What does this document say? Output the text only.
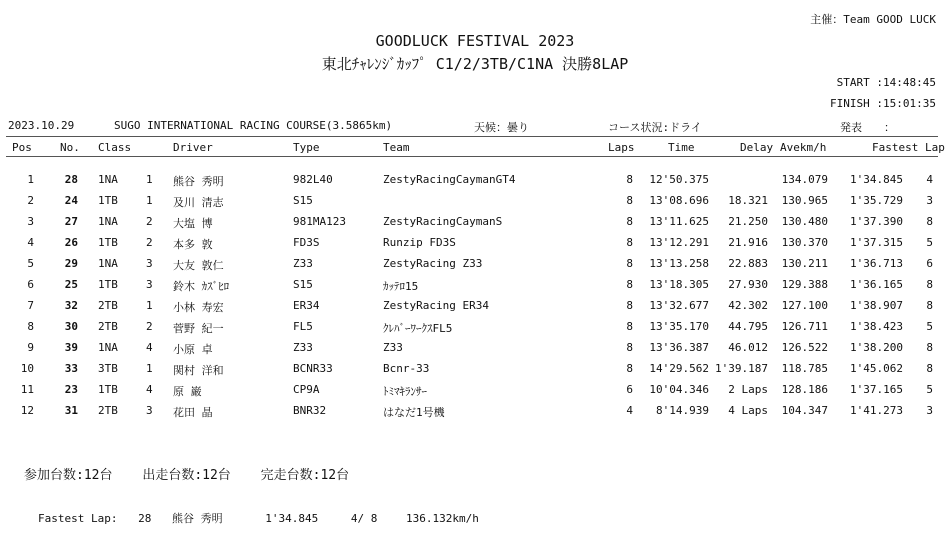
主催：Team GOOD LUCK
GOODLUCK FESTIVAL 2023
東北ﾁｬﾚﾝｼﾞｶｯﾌﾟ C1/2/3TB/C1NA 決勝8LAP
START :14:48:45
FINISH :15:01:35
2023.10.29	SUGO INTERNATIONAL RACING COURSE(3.5865km)	天候：曇り	コース状況:ドライ	発表　　：
Pos	No. Class	Driver	Type	Team	Laps	Time	Delay Avekm/h	Fastest Lap
1	28 1NA	1	熊谷 秀明	982L40	ZestyRacingCaymanGT4	8	12'50.375	134.079	1'34.845	4
2	24 1TB	1	及川 清志	S15	8	13'08.696	18.321	130.965	1'35.729	3
3	27 1NA	2	大塩 博	981MA123	ZestyRacingCaymanS	8	13'11.625	21.250	130.480	1'37.390	8
4	26 1TB	2	本多 敦	FD3S	Runzip FD3S	8	13'12.291	21.916	130.370	1'37.315	5
5	29 1NA	3	大友 敦仁	Z33	ZestyRacing Z33	8	13'13.258	22.883	130.211	1'36.713	6
6	25 1TB	3	鈴木 ｶｽﾞﾋﾛ	S15	ｶｯﾃﾛ15	8	13'18.305	27.930	129.388	1'36.165	8
7	32 2TB	1	小林 寿宏	ER34	ZestyRacing ER34	8	13'32.677	42.302	127.100	1'38.907	8
8	30 2TB	2	菅野 紀一	FL5	ｸﾚﾊﾞｰﾜｰｸｽFL5	8	13'35.170	44.795	126.711	1'38.423	5
9	39 1NA	4	小原 卓	Z33	Z33	8	13'36.387	46.012	126.522	1'38.200	8
10	33 3TB	1	関村 洋和	BCNR33	Bcnr-33	8	14'29.562 1'39.187	118.785	1'45.062	8
11	23 1TB	4	原 巌	CP9A	ﾄﾐﾏｷﾗﾝｻｰ	6	10'04.346	2 Laps	128.186	1'37.165	5
12	31 2TB	3	花田 晶	BNR32	はなだ1号機	4	8'14.939	4 Laps	104.347	1'41.273	3
参加台数:12台 出走台数:12台 完走台数:12台
Fastest Lap: 28 熊谷 秀明	1'34.845	4/ 8	136.132km/h
